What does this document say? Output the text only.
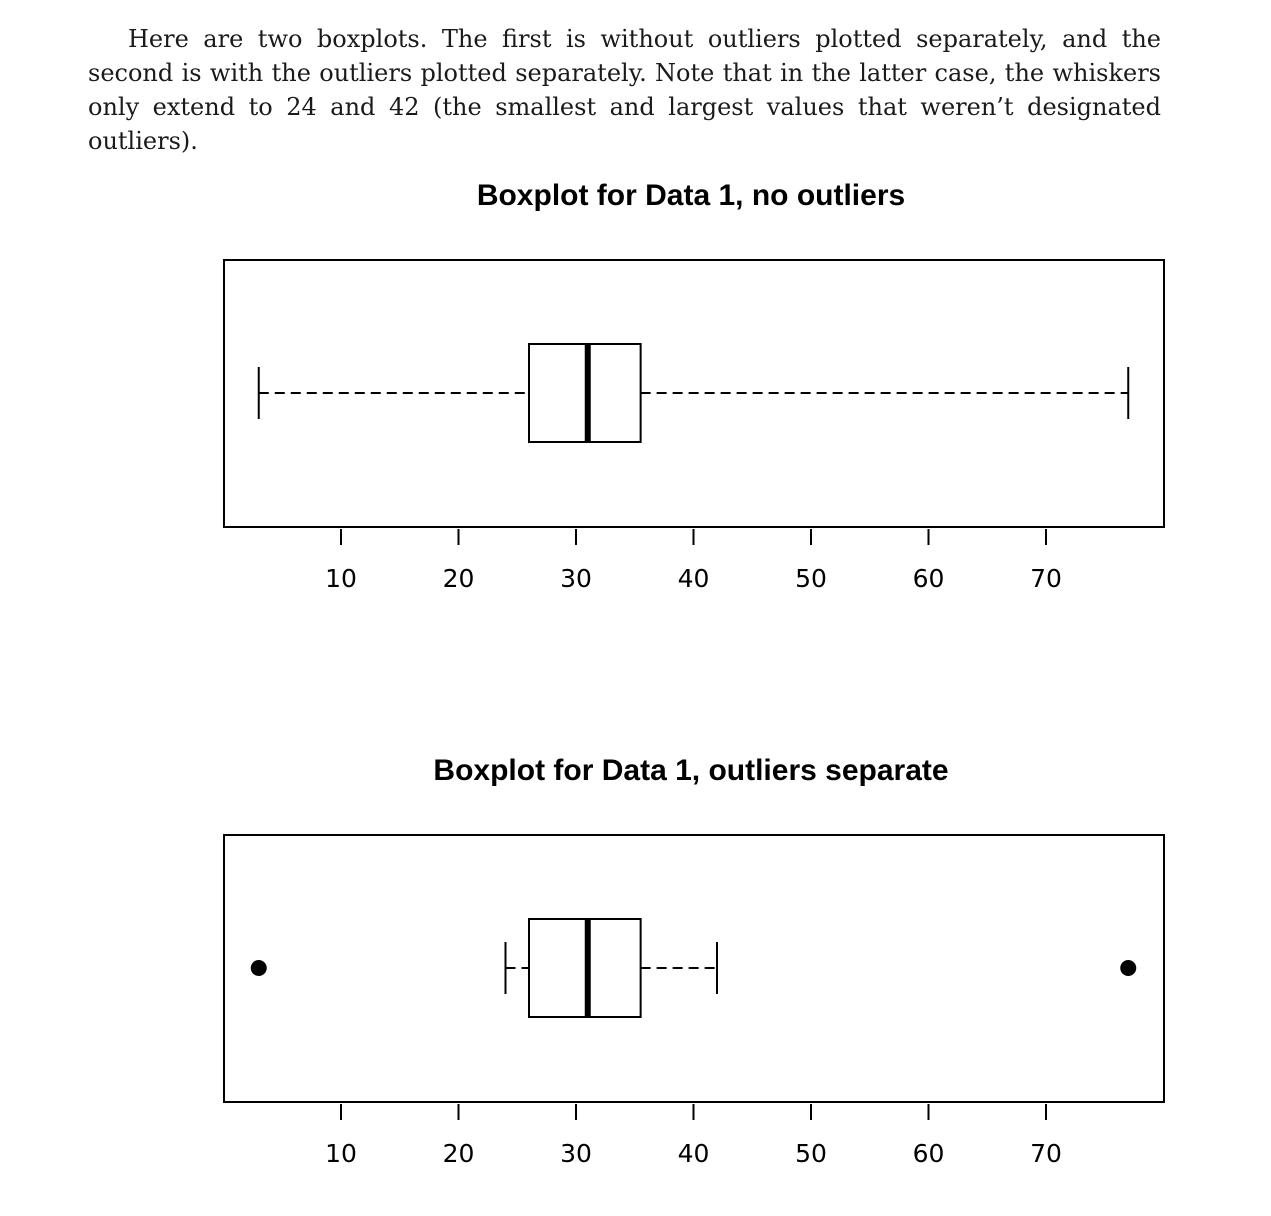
Here are two boxplots. The first is without outliers plotted separately, and the second is with the outliers plotted separately. Note that in the latter case, the whiskers only extend to 24 and 42 (the smallest and largest values that weren’t designated outliers).

Boxplot for Data 1, no outliers
10	20	30	40	50	60	70
Boxplot for Data 1, outliers separate
10	20	30	40	50	60	70
